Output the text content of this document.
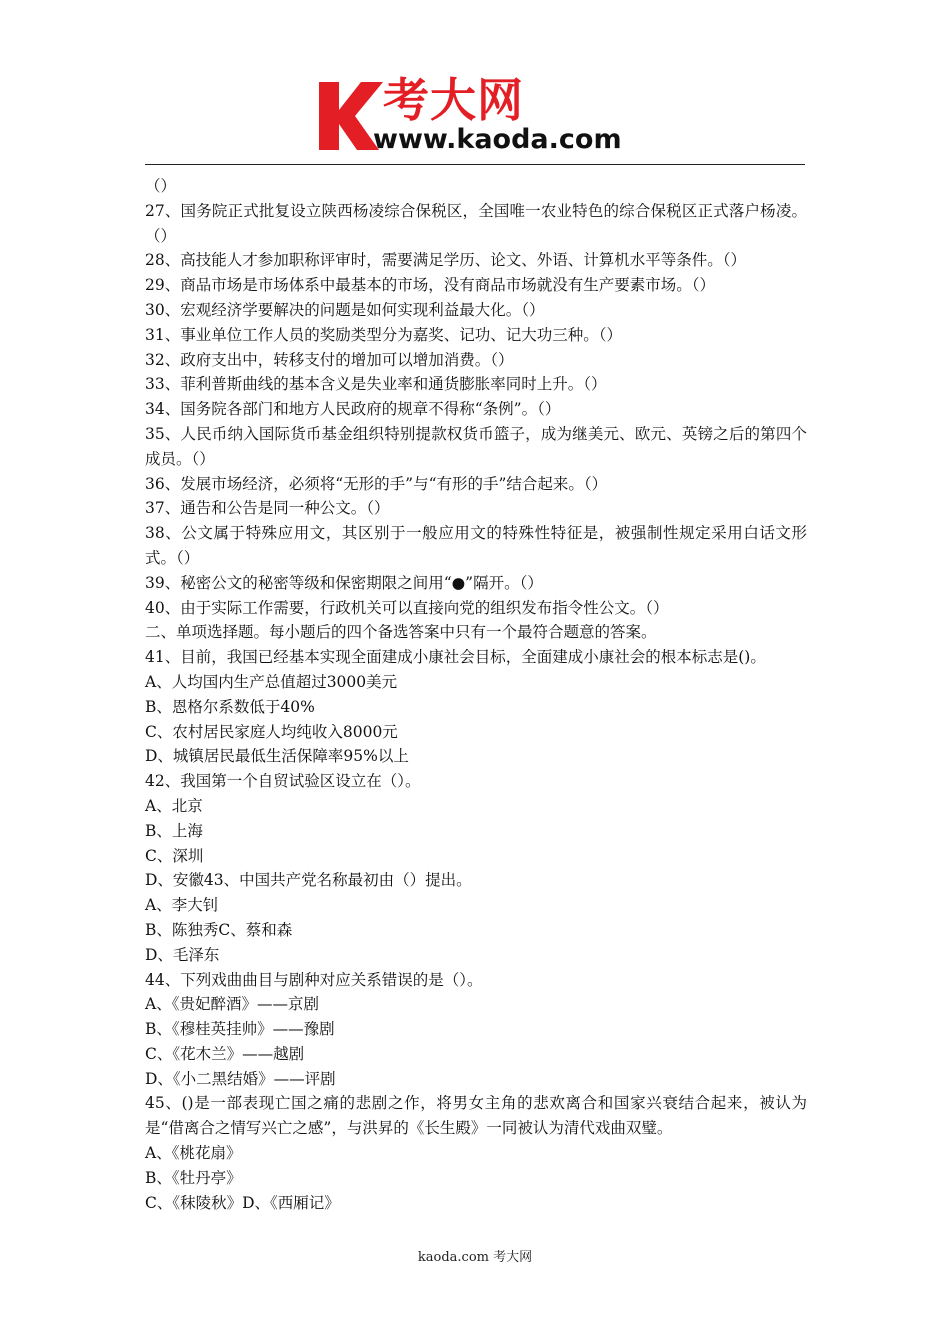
考大网
www.kaoda.com
（）
27、国务院正式批复设立陕西杨凌综合保税区，全国唯一农业特色的综合保税区正式落户杨凌。（）
28、高技能人才参加职称评审时，需要满足学历、论文、外语、计算机水平等条件。（）
29、商品市场是市场体系中最基本的市场，没有商品市场就没有生产要素市场。（）
30、宏观经济学要解决的问题是如何实现利益最大化。（）
31、事业单位工作人员的奖励类型分为嘉奖、记功、记大功三种。（）
32、政府支出中，转移支付的增加可以增加消费。（）
33、菲利普斯曲线的基本含义是失业率和通货膨胀率同时上升。（）
34、国务院各部门和地方人民政府的规章不得称“条例”。（）
35、人民币纳入国际货币基金组织特别提款权货币篮子，成为继美元、欧元、英镑之后的第四个成员。（）
36、发展市场经济，必须将“无形的手”与“有形的手”结合起来。（）
37、通告和公告是同一种公文。（）
38、公文属于特殊应用文，其区别于一般应用文的特殊性特征是，被强制性规定采用白话文形式。（）
39、秘密公文的秘密等级和保密期限之间用“●”隔开。（）
40、由于实际工作需要，行政机关可以直接向党的组织发布指令性公文。（）
二、单项选择题。每小题后的四个备选答案中只有一个最符合题意的答案。
41、目前，我国已经基本实现全面建成小康社会目标，全面建成小康社会的根本标志是()。
A、人均国内生产总值超过3000美元
B、恩格尔系数低于40%
C、农村居民家庭人均纯收入8000元
D、城镇居民最低生活保障率95%以上
42、我国第一个自贸试验区设立在（）。
A、北京
B、上海
C、深圳
D、安徽43、中国共产党名称最初由（）提出。
A、李大钊
B、陈独秀C、蔡和森
D、毛泽东
44、下列戏曲曲目与剧种对应关系错误的是（）。
A、《贵妃醉酒》——京剧
B、《穆桂英挂帅》——豫剧
C、《花木兰》——越剧
D、《小二黑结婚》——评剧
45、()是一部表现亡国之痛的悲剧之作，将男女主角的悲欢离合和国家兴衰结合起来，被认为是“借离合之情写兴亡之感”，与洪昇的《长生殿》一同被认为清代戏曲双璧。
A、《桃花扇》
B、《牡丹亭》
C、《秣陵秋》D、《西厢记》
kaoda.com 考大网
